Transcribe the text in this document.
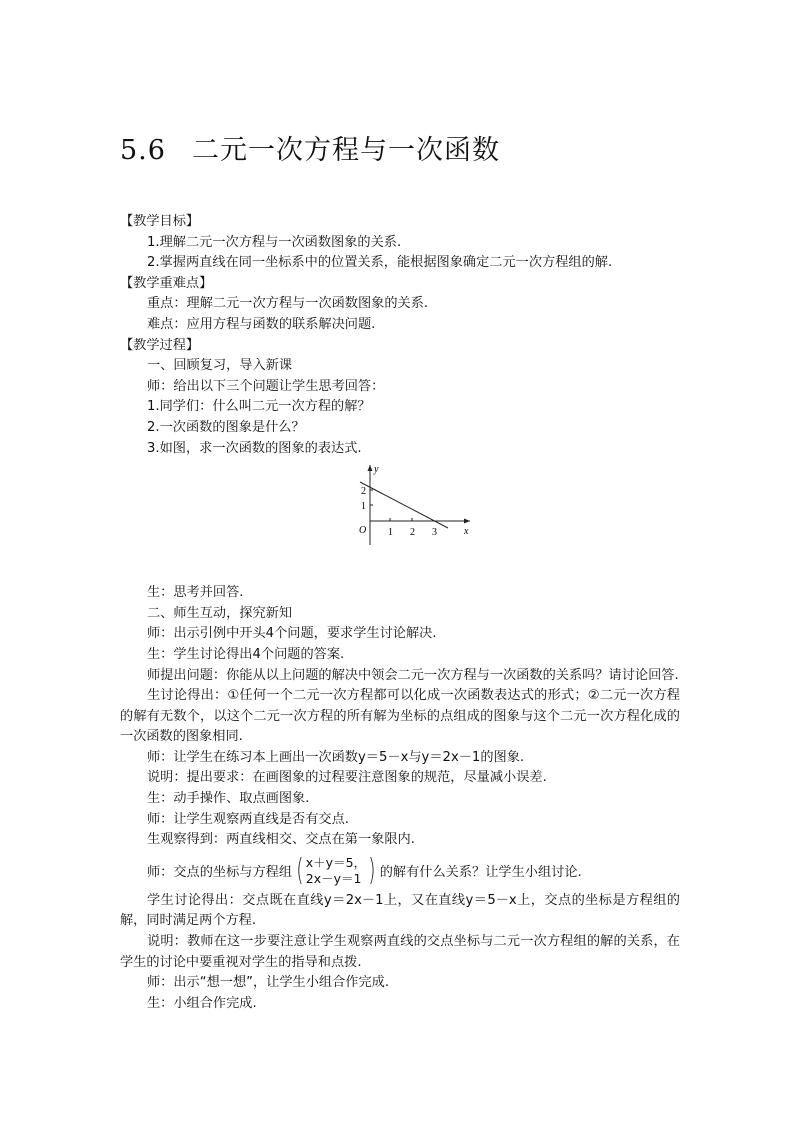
5.6 二元一次方程与一次函数
【教学目标】
1.理解二元一次方程与一次函数图象的关系.
2.掌握两直线在同一坐标系中的位置关系，能根据图象确定二元一次方程组的解.
【教学重难点】
重点：理解二元一次方程与一次函数图象的关系.
难点：应用方程与函数的联系解决问题.
【教学过程】
一、回顾复习，导入新课
师：给出以下三个问题让学生思考回答：
1.同学们：什么叫二元一次方程的解？
2.一次函数的图象是什么？
3.如图，求一次函数的图象的表达式.
O	x
y
1 2 3
1
2
生：思考并回答.
二、师生互动，探究新知
师：出示引例中开头4个问题，要求学生讨论解决.
生：学生讨论得出4个问题的答案.
师提出问题：你能从以上问题的解决中领会二元一次方程与一次函数的关系吗？请讨论回答.
生讨论得出：①任何一个二元一次方程都可以化成一次函数表达式的形式；②二元一次方程的解有无数个，以这个二元一次方程的所有解为坐标的点组成的图象与这个二元一次方程化成的一次函数的图象相同.
师：让学生在练习本上画出一次函数y＝5－x与y＝2x－1的图象.
说明：提出要求：在画图象的过程要注意图象的规范，尽量减小误差.
生：动手操作、取点画图象.
师：让学生观察两直线是否有交点.
生观察得到：两直线相交、交点在第一象限内.
师：交点的坐标与方程组 ( x＋y＝5，
2x－y＝1 ) 的解有什么关系？让学生小组讨论.
学生讨论得出：交点既在直线y＝2x－1上，又在直线y＝5－x上，交点的坐标是方程组的解，同时满足两个方程.
说明：教师在这一步要注意让学生观察两直线的交点坐标与二元一次方程组的解的关系，在学生的讨论中要重视对学生的指导和点拨.
师：出示“想一想”，让学生小组合作完成.
生：小组合作完成.
